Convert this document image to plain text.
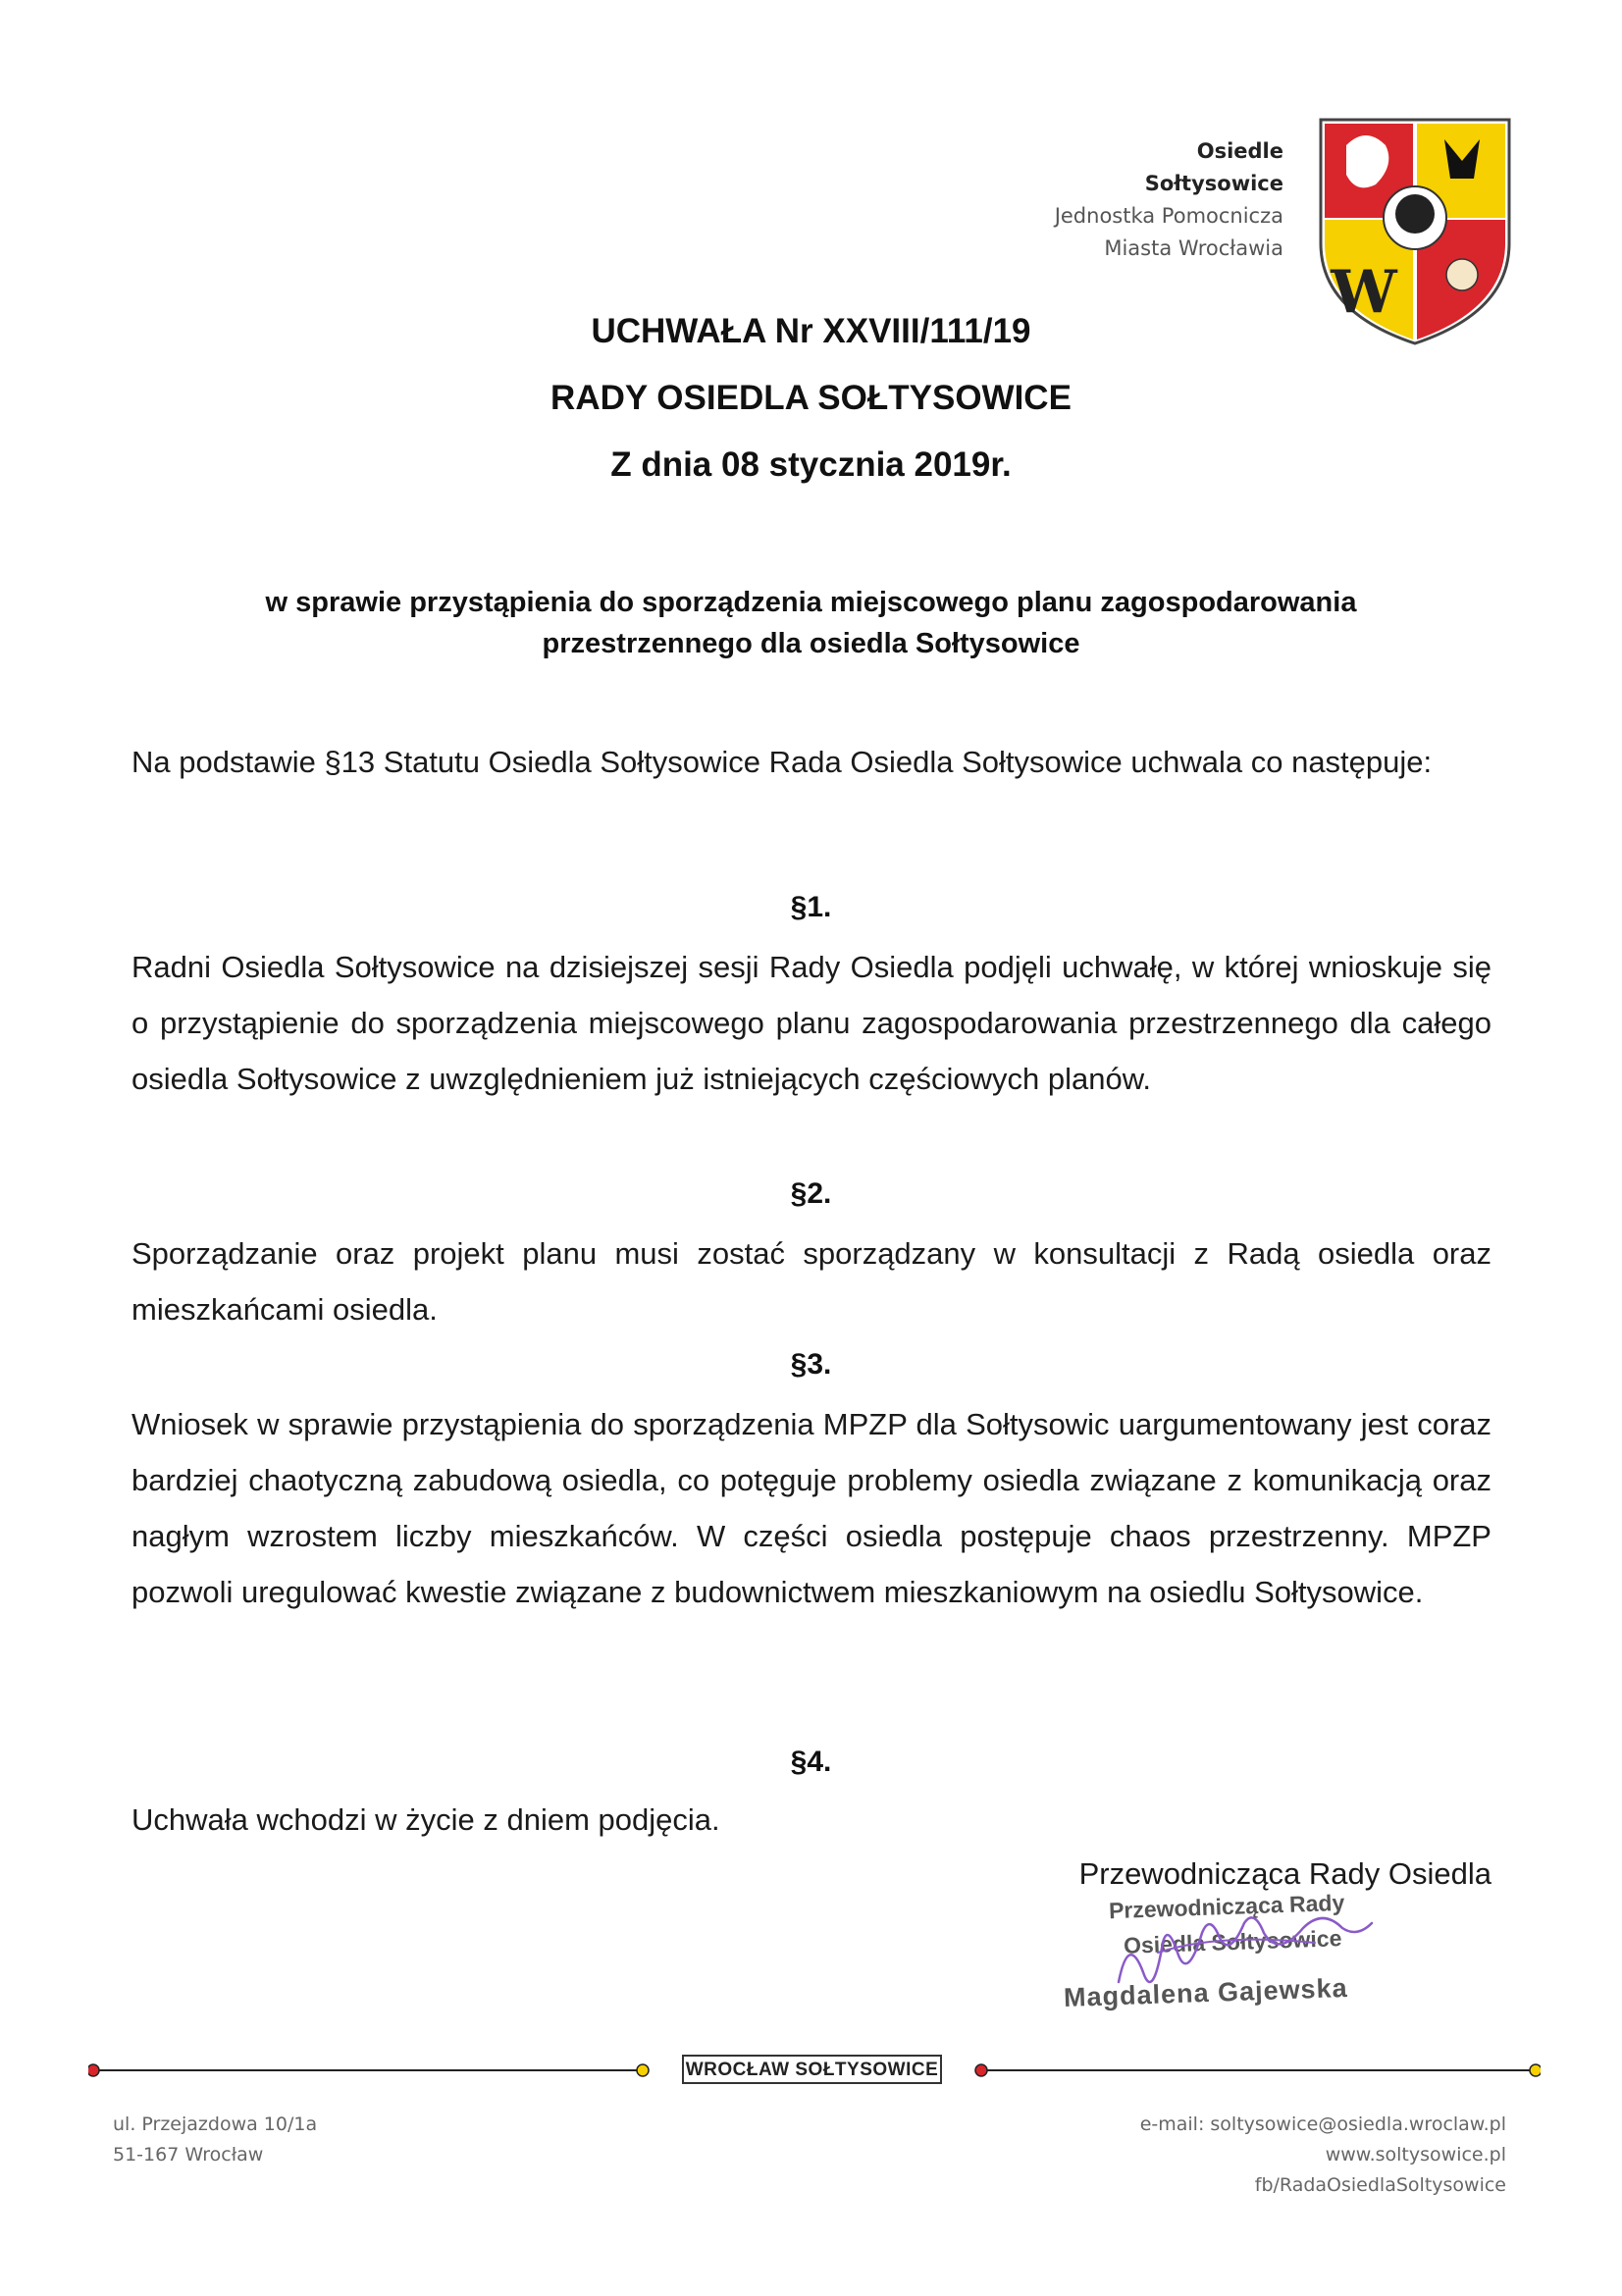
Osiedle
Sołtysowice
Jednostka Pomocnicza
Miasta Wrocławia
W
UCHWAŁA Nr XXVIII/111/19
RADY OSIEDLA SOŁTYSOWICE
Z dnia 08 stycznia 2019r.
w sprawie przystąpienia do sporządzenia miejscowego planu zagospodarowania
przestrzennego dla osiedla Sołtysowice
Na podstawie §13 Statutu Osiedla Sołtysowice Rada Osiedla Sołtysowice uchwala co następuje:
§1.
Radni Osiedla Sołtysowice na dzisiejszej sesji Rady Osiedla podjęli uchwałę, w której wnioskuje się o przystąpienie do sporządzenia miejscowego planu zagospodarowania przestrzennego dla całego osiedla Sołtysowice z uwzględnieniem już istniejących częściowych planów.
§2.
Sporządzanie oraz projekt planu musi zostać sporządzany w konsultacji z Radą osiedla oraz mieszkańcami osiedla.
§3.
Wniosek w sprawie przystąpienia do sporządzenia MPZP dla Sołtysowic uargumentowany jest coraz bardziej chaotyczną zabudową osiedla, co potęguje problemy osiedla związane z komunikacją oraz nagłym wzrostem liczby mieszkańców. W części osiedla postępuje chaos przestrzenny. MPZP pozwoli uregulować kwestie związane z budownictwem mieszkaniowym na osiedlu Sołtysowice.
§4.
Uchwała wchodzi w życie z dniem podjęcia.
Przewodnicząca Rady Osiedla
Przewodnicząca Rady
Osiedla Sołtysowice
Magdalena Gajewska
WROCŁAW SOŁTYSOWICE
ul. Przejazdowa 10/1a
51-167 Wrocław
e-mail: soltysowice@osiedla.wroclaw.pl
www.soltysowice.pl
fb/RadaOsiedlaSoltysowice
